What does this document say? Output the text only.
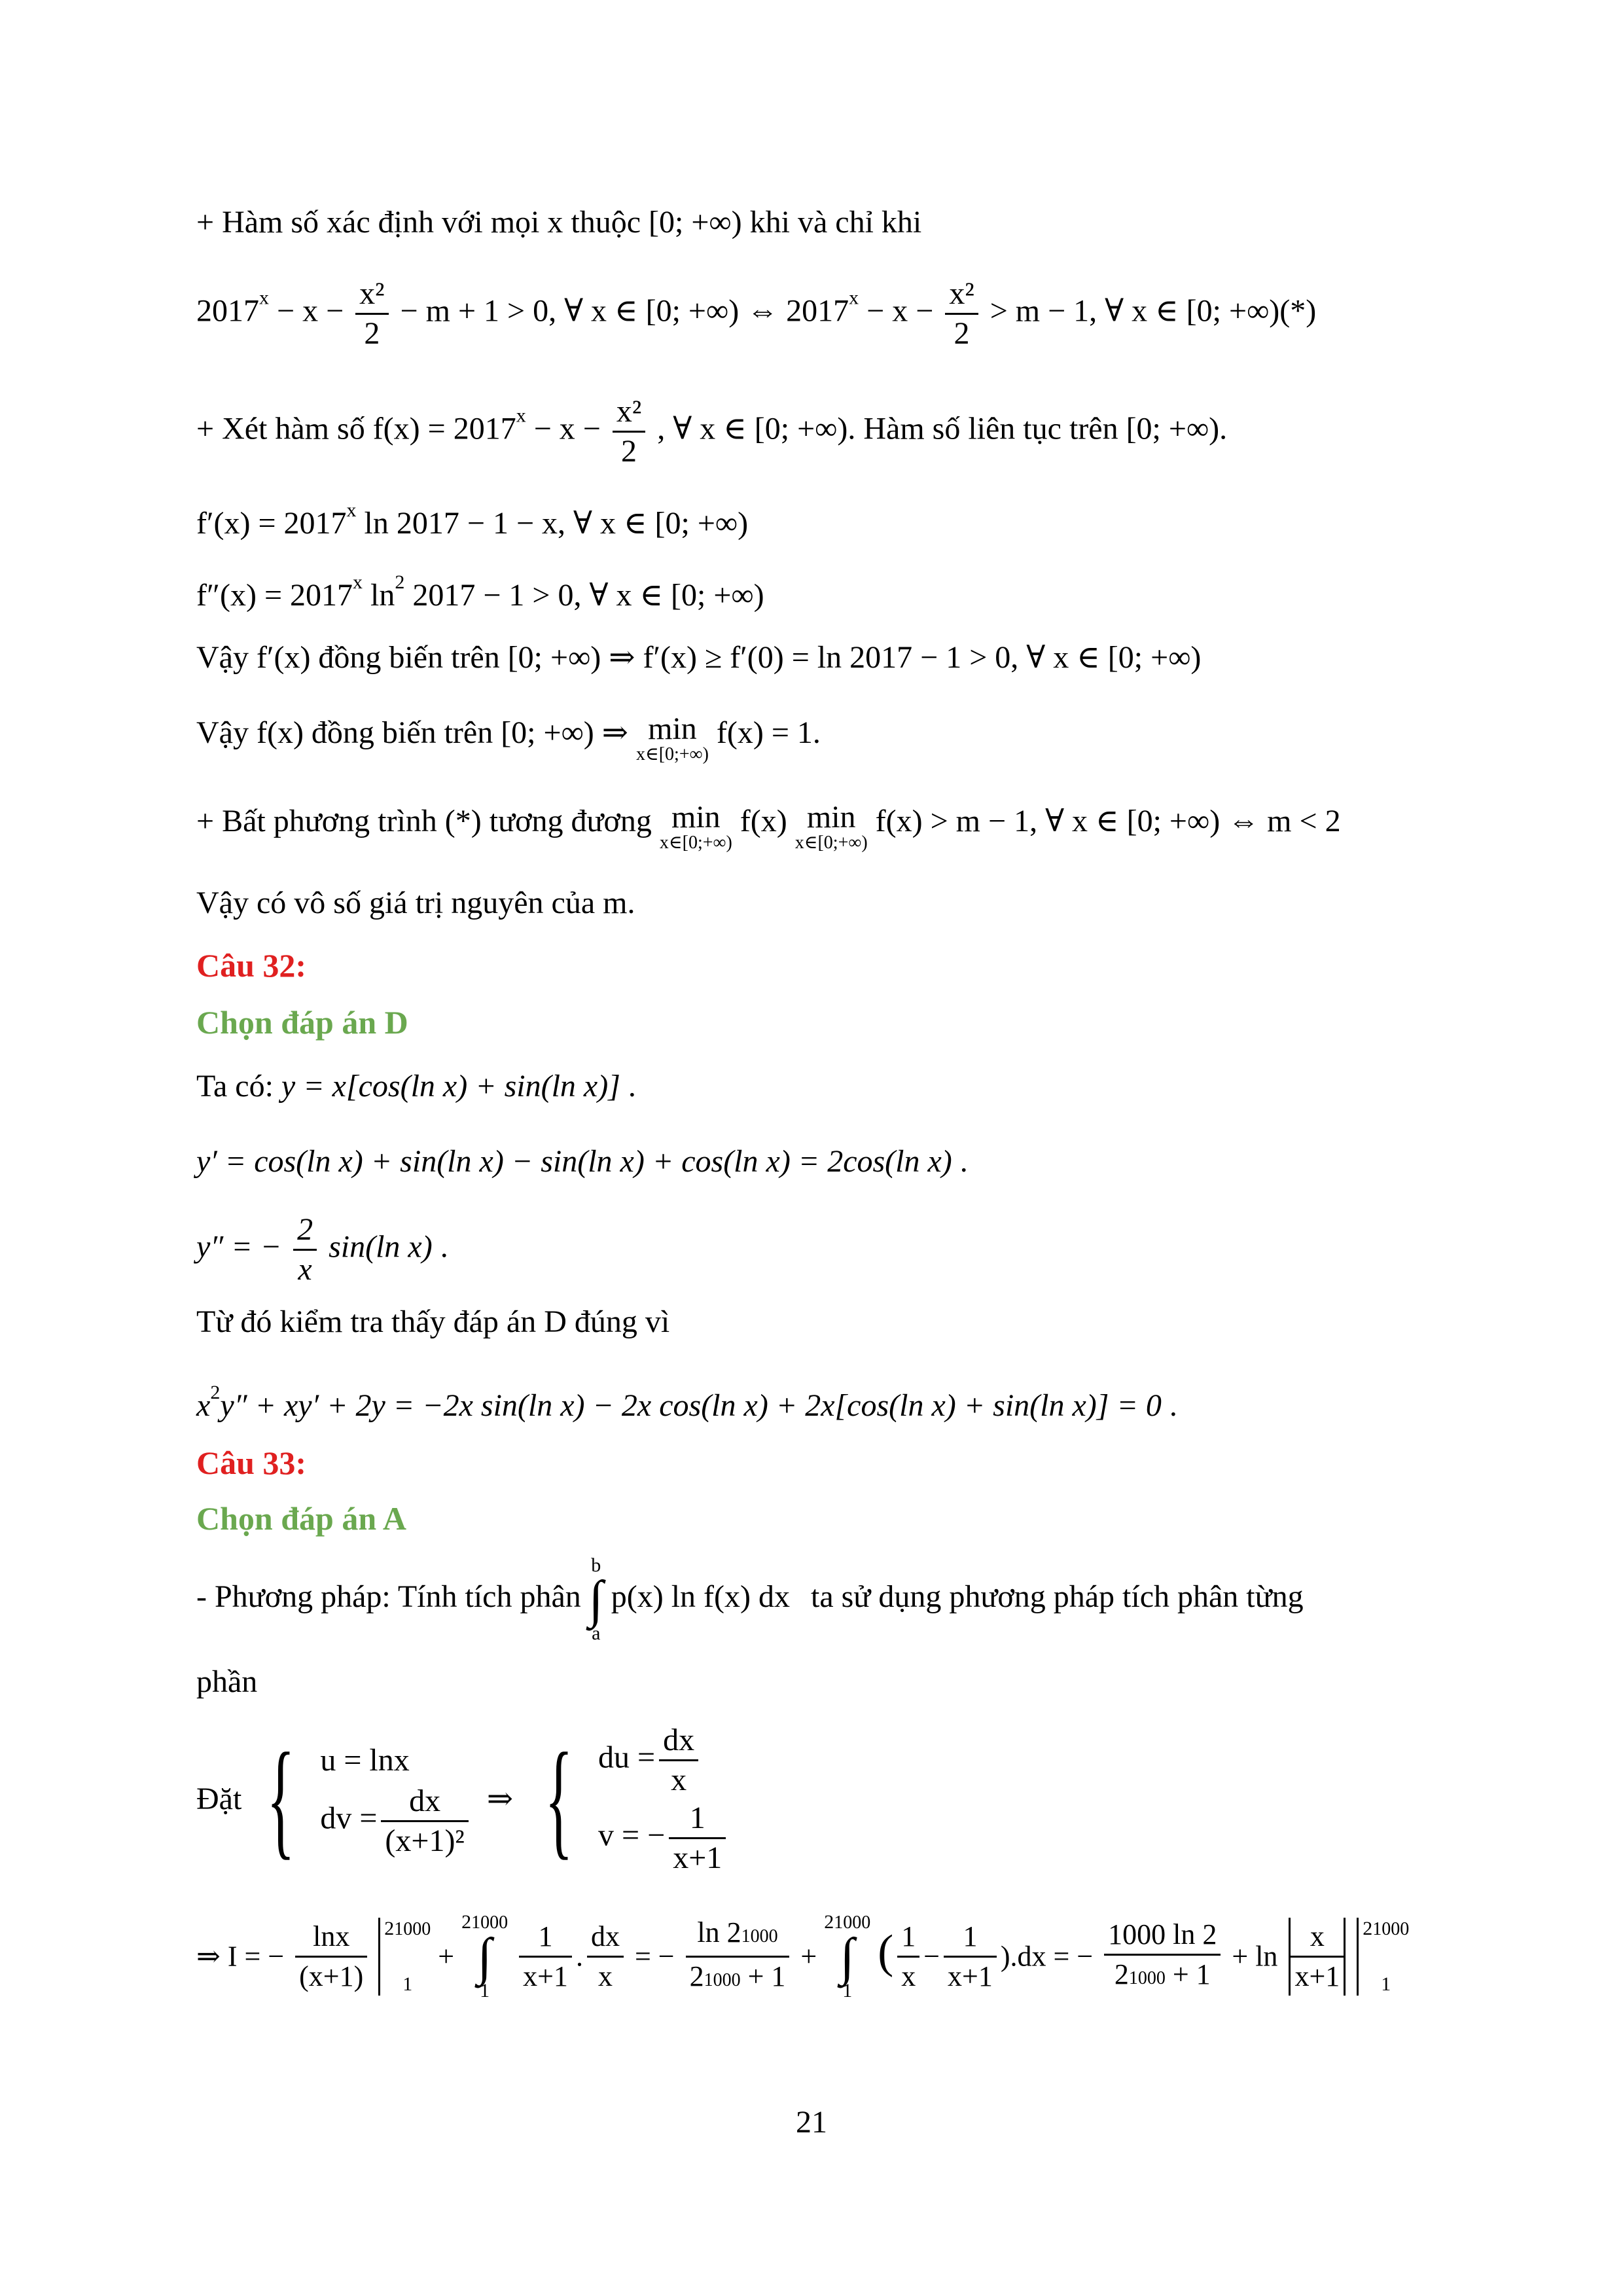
+ Hàm số xác định với mọi x thuộc [0; +∞) khi và chỉ khi
$2017^x - x - \frac{\text{x²}}{2} - m + 1 > 0$, ∀ x ∈ [0; +∞) ⇔ $2017^x - x - \frac{\text{x²}}{2} > m - 1$, ∀ x ∈ [0; +∞)(*)
+ Xét hàm số $f(x) = 2017^x - x - \frac{\text{x²}}{2}$ , ∀ x ∈ [0; +∞). Hàm số liên tục trên [0; +∞).
$f'(x) = 2017^x$ ln 2017 − 1 − x, ∀ x ∈ [0; +∞)
$f''(x) = 2017^x$ $\ln^2 2017 - 1 > 0$, ∀ x ∈ [0; +∞)
Vậy f′(x) đồng biến trên [0; +∞) ⇒ f′(x) ≥ f′(0) = ln 2017 − 1 > 0, ∀ x ∈ [0; +∞)
Vậy f(x) đồng biến trên [0; +∞) ⇒ min
x∈[0;+∞)
f(x) = 1.
+ Bất phương trình (*) tương đương min
x∈[0;+∞)
f(x) min
x∈[0;+∞)
f(x) > m − 1, ∀ x ∈ [0; +∞) ⇔ m < 2
Vậy có vô số giá trị nguyên của m.
Câu 32:
Chọn đáp án D
Ta có: y = x[cos(ln x) + sin(ln x)] .
y′ = cos(ln x) + sin(ln x) − sin(ln x) + cos(ln x) = 2cos(ln x) .
y″ = − $\frac{2}{x} \sin(\ln$ x) .
Từ đó kiểm tra thấy đáp án D đúng vì
$x^2y'' + xy' + 2y = -2x$ sin(ln x) − 2x cos(ln x) + 2x[cos(ln x) + sin(ln x)] = 0 .
Câu 33:
Chọn đáp án A
- Phương pháp: Tính tích phân
b
∫
a
p(x) ln f(x) dx ta sử dụng phương pháp tích phân từng
phần
Đặt { u = lnx
dv = $\frac{dx}{\text{(x+1)²}}$ ⇒ { du = $\frac{dx}{x}$
v = − $\frac{1}{x+1}$
⇒ I = − $\frac{\ln x}{(x+1)}$
21000
1
+
21000
∫
1
	$\frac{1}{x+1}$ . $\frac{dx}{x}$ = − $\frac{\ln 21000}{21000 + 1}$ +
21000
∫
1
( $\frac{1}{x} - \frac{1}{x+1} ).dx$ = − $\frac{1000 \ln 2}{21000 + 1} + \ln \frac{x}{x+1}$
21000
1
21
